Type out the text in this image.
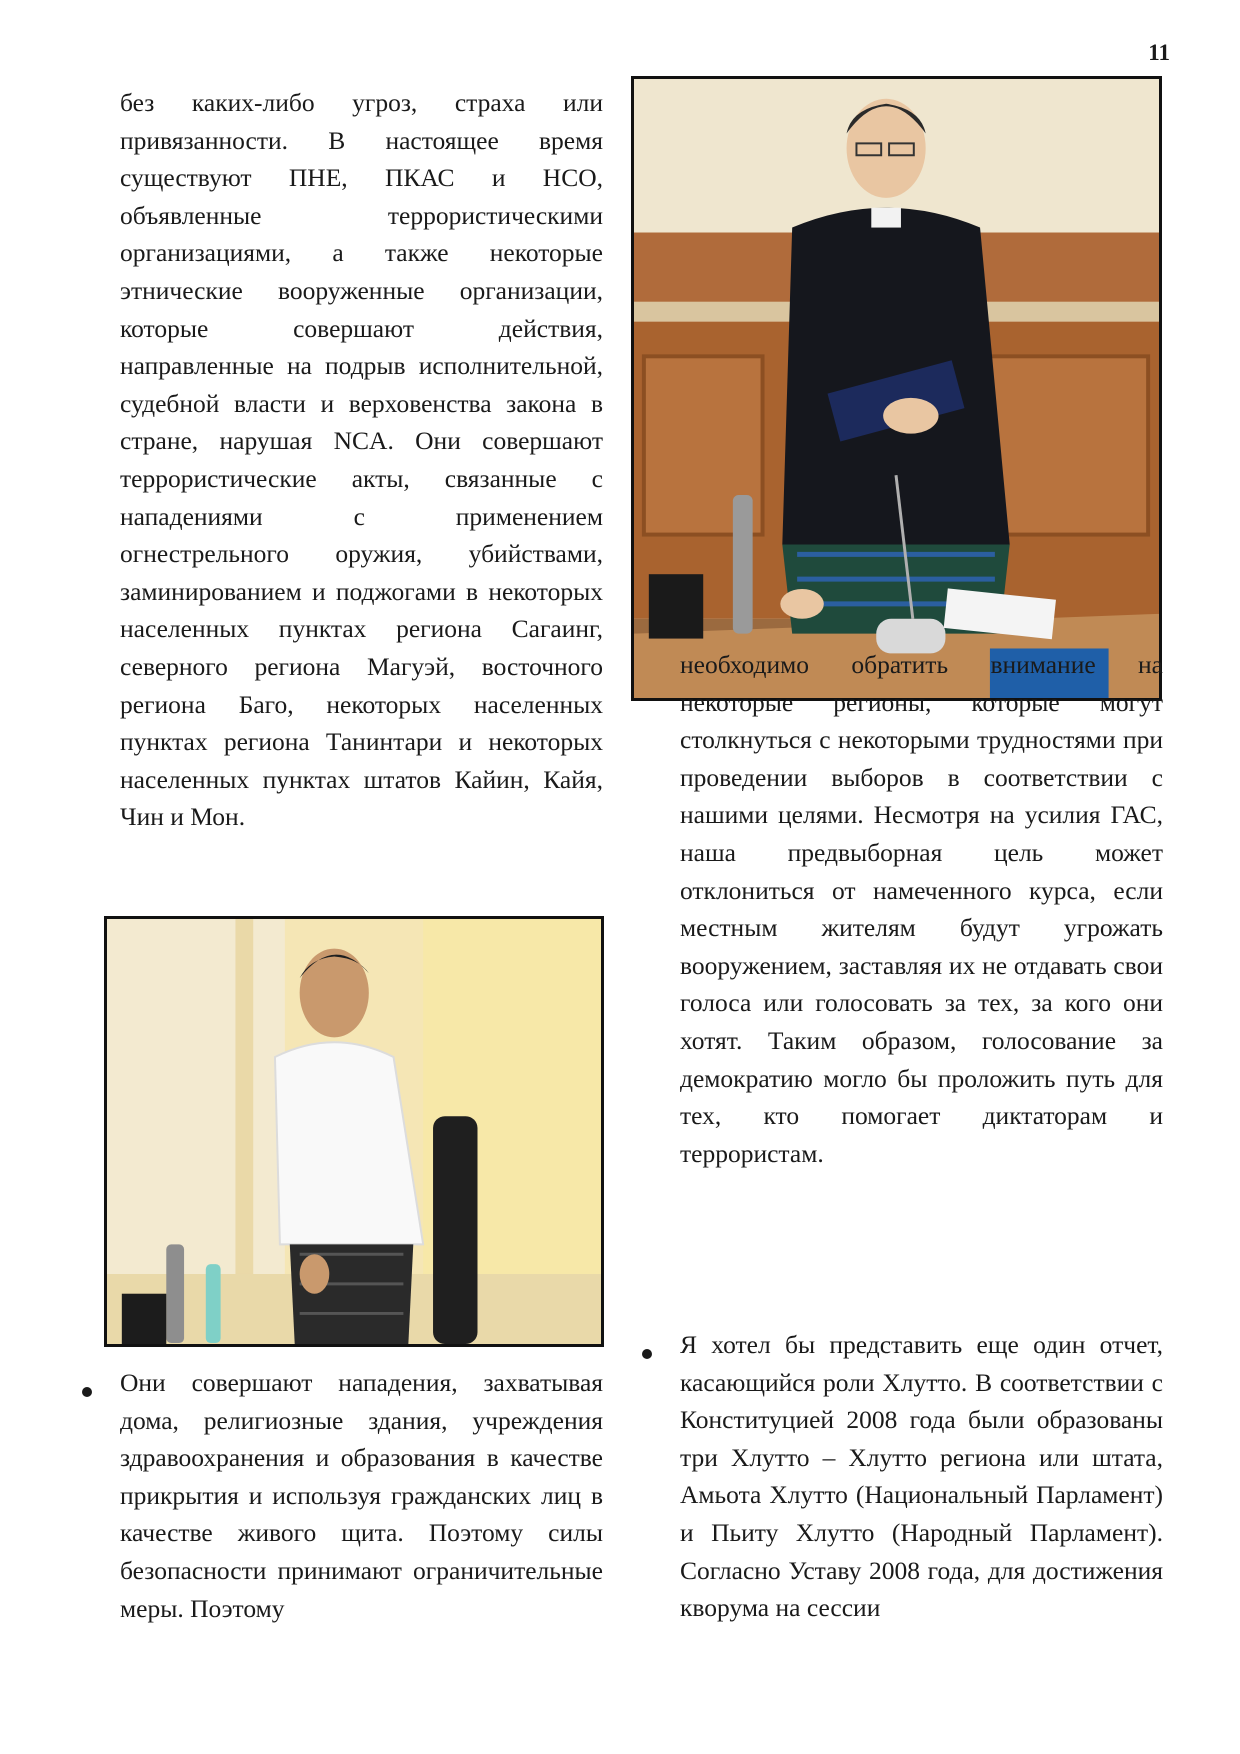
11

без каких-либо угроз, страха или привязанности. В настоящее время существуют ПНЕ, ПКАС и НСО, объявленные террористическими организациями, а также некоторые этнические вооруженные организации, которые совершают действия, направленные на подрыв исполнительной, судебной власти и верховенства закона в стране, нарушая NCA. Они совершают террористические акты, связанные с нападениями с применением огнестрельного оружия, убийствами, заминированием и поджогами в некоторых населенных пунктах региона Сагаинг, северного региона Магуэй, восточного региона Баго, некоторых населенных пунктах региона Танинтари и некоторых населенных пунктах штатов Кайин, Кайя, Чин и Мон.

необходимо обратить внимание на некоторые регионы, которые могут столкнуться с некоторыми трудностями при проведении выборов в соответствии с нашими целями. Несмотря на усилия ГАС, наша предвыборная цель может отклониться от намеченного курса, если местным жителям будут угрожать вооружением, заставляя их не отдавать свои голоса или голосовать за тех, за кого они хотят. Таким образом, голосование за демократию могло бы проложить путь для тех, кто помогает диктаторам и террористам.

Они совершают нападения, захватывая дома, религиозные здания, учреждения здравоохранения и образования в качестве прикрытия и используя гражданских лиц в качестве живого щита. Поэтому силы безопасности принимают ограничительные меры. Поэтому

Я хотел бы представить еще один отчет, касающийся роли Хлутто. В соответствии с Конституцией 2008 года были образованы три Хлутто – Хлутто региона или штата, Амьота Хлутто (Национальный Парламент) и Пьиту Хлутто (Народный Парламент). Согласно Уставу 2008 года, для достижения кворума на сессии
